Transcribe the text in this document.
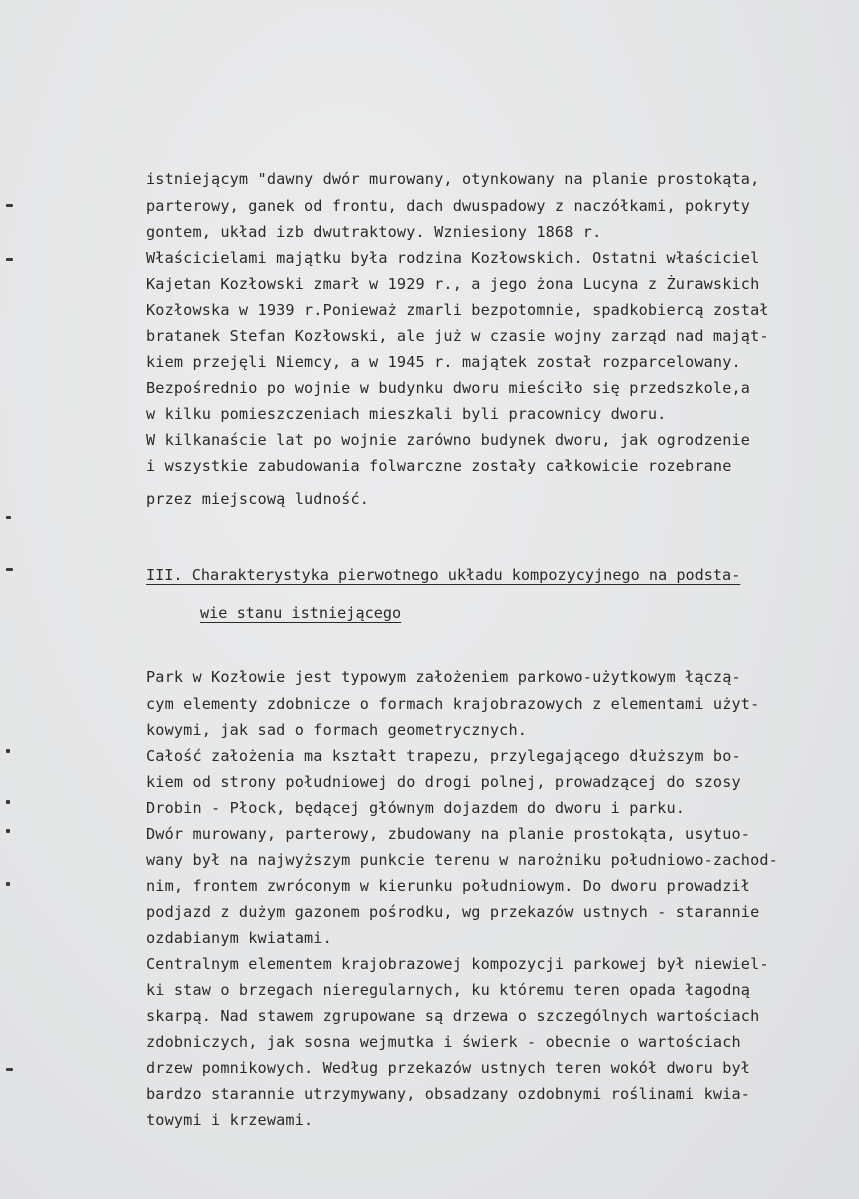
istniejącym "dawny dwór murowany, otynkowany na planie prostokąta,
parterowy, ganek od frontu, dach dwuspadowy z naczółkami, pokryty
gontem, układ izb dwutraktowy. Wzniesiony 1868 r.
Właścicielami majątku była rodzina Kozłowskich. Ostatni właściciel
Kajetan Kozłowski zmarł w 1929 r., a jego żona Lucyna z Żurawskich
Kozłowska w 1939 r.Ponieważ zmarli bezpotomnie, spadkobiercą został
bratanek Stefan Kozłowski, ale już w czasie wojny zarząd nad mająt-
kiem przejęli Niemcy, a w 1945 r. majątek został rozparcelowany.
Bezpośrednio po wojnie w budynku dworu mieściło się przedszkole,a
w kilku pomieszczeniach mieszkali byli pracownicy dworu.
W kilkanaście lat po wojnie zarówno budynek dworu, jak ogrodzenie
i wszystkie zabudowania folwarczne zostały całkowicie rozebrane
przez miejscową ludność.
III. Charakterystyka pierwotnego układu kompozycyjnego na podsta-
wie stanu istniejącego
Park w Kozłowie jest typowym założeniem parkowo-użytkowym łączą-
cym elementy zdobnicze o formach krajobrazowych z elementami użyt-
kowymi, jak sad o formach geometrycznych.
Całość założenia ma kształt trapezu, przylegającego dłuższym bo-
kiem od strony południowej do drogi polnej, prowadzącej do szosy
Drobin - Płock, będącej głównym dojazdem do dworu i parku.
Dwór murowany, parterowy, zbudowany na planie prostokąta, usytuo-
wany był na najwyższym punkcie terenu w narożniku południowo-zachod-
nim, frontem zwróconym w kierunku południowym. Do dworu prowadził
podjazd z dużym gazonem pośrodku, wg przekazów ustnych - starannie
ozdabianym kwiatami.
Centralnym elementem krajobrazowej kompozycji parkowej był niewiel-
ki staw o brzegach nieregularnych, ku któremu teren opada łagodną
skarpą. Nad stawem zgrupowane są drzewa o szczególnych wartościach
zdobniczych, jak sosna wejmutka i świerk - obecnie o wartościach
drzew pomnikowych. Według przekazów ustnych teren wokół dworu był
bardzo starannie utrzymywany, obsadzany ozdobnymi roślinami kwia-
towymi i krzewami.
